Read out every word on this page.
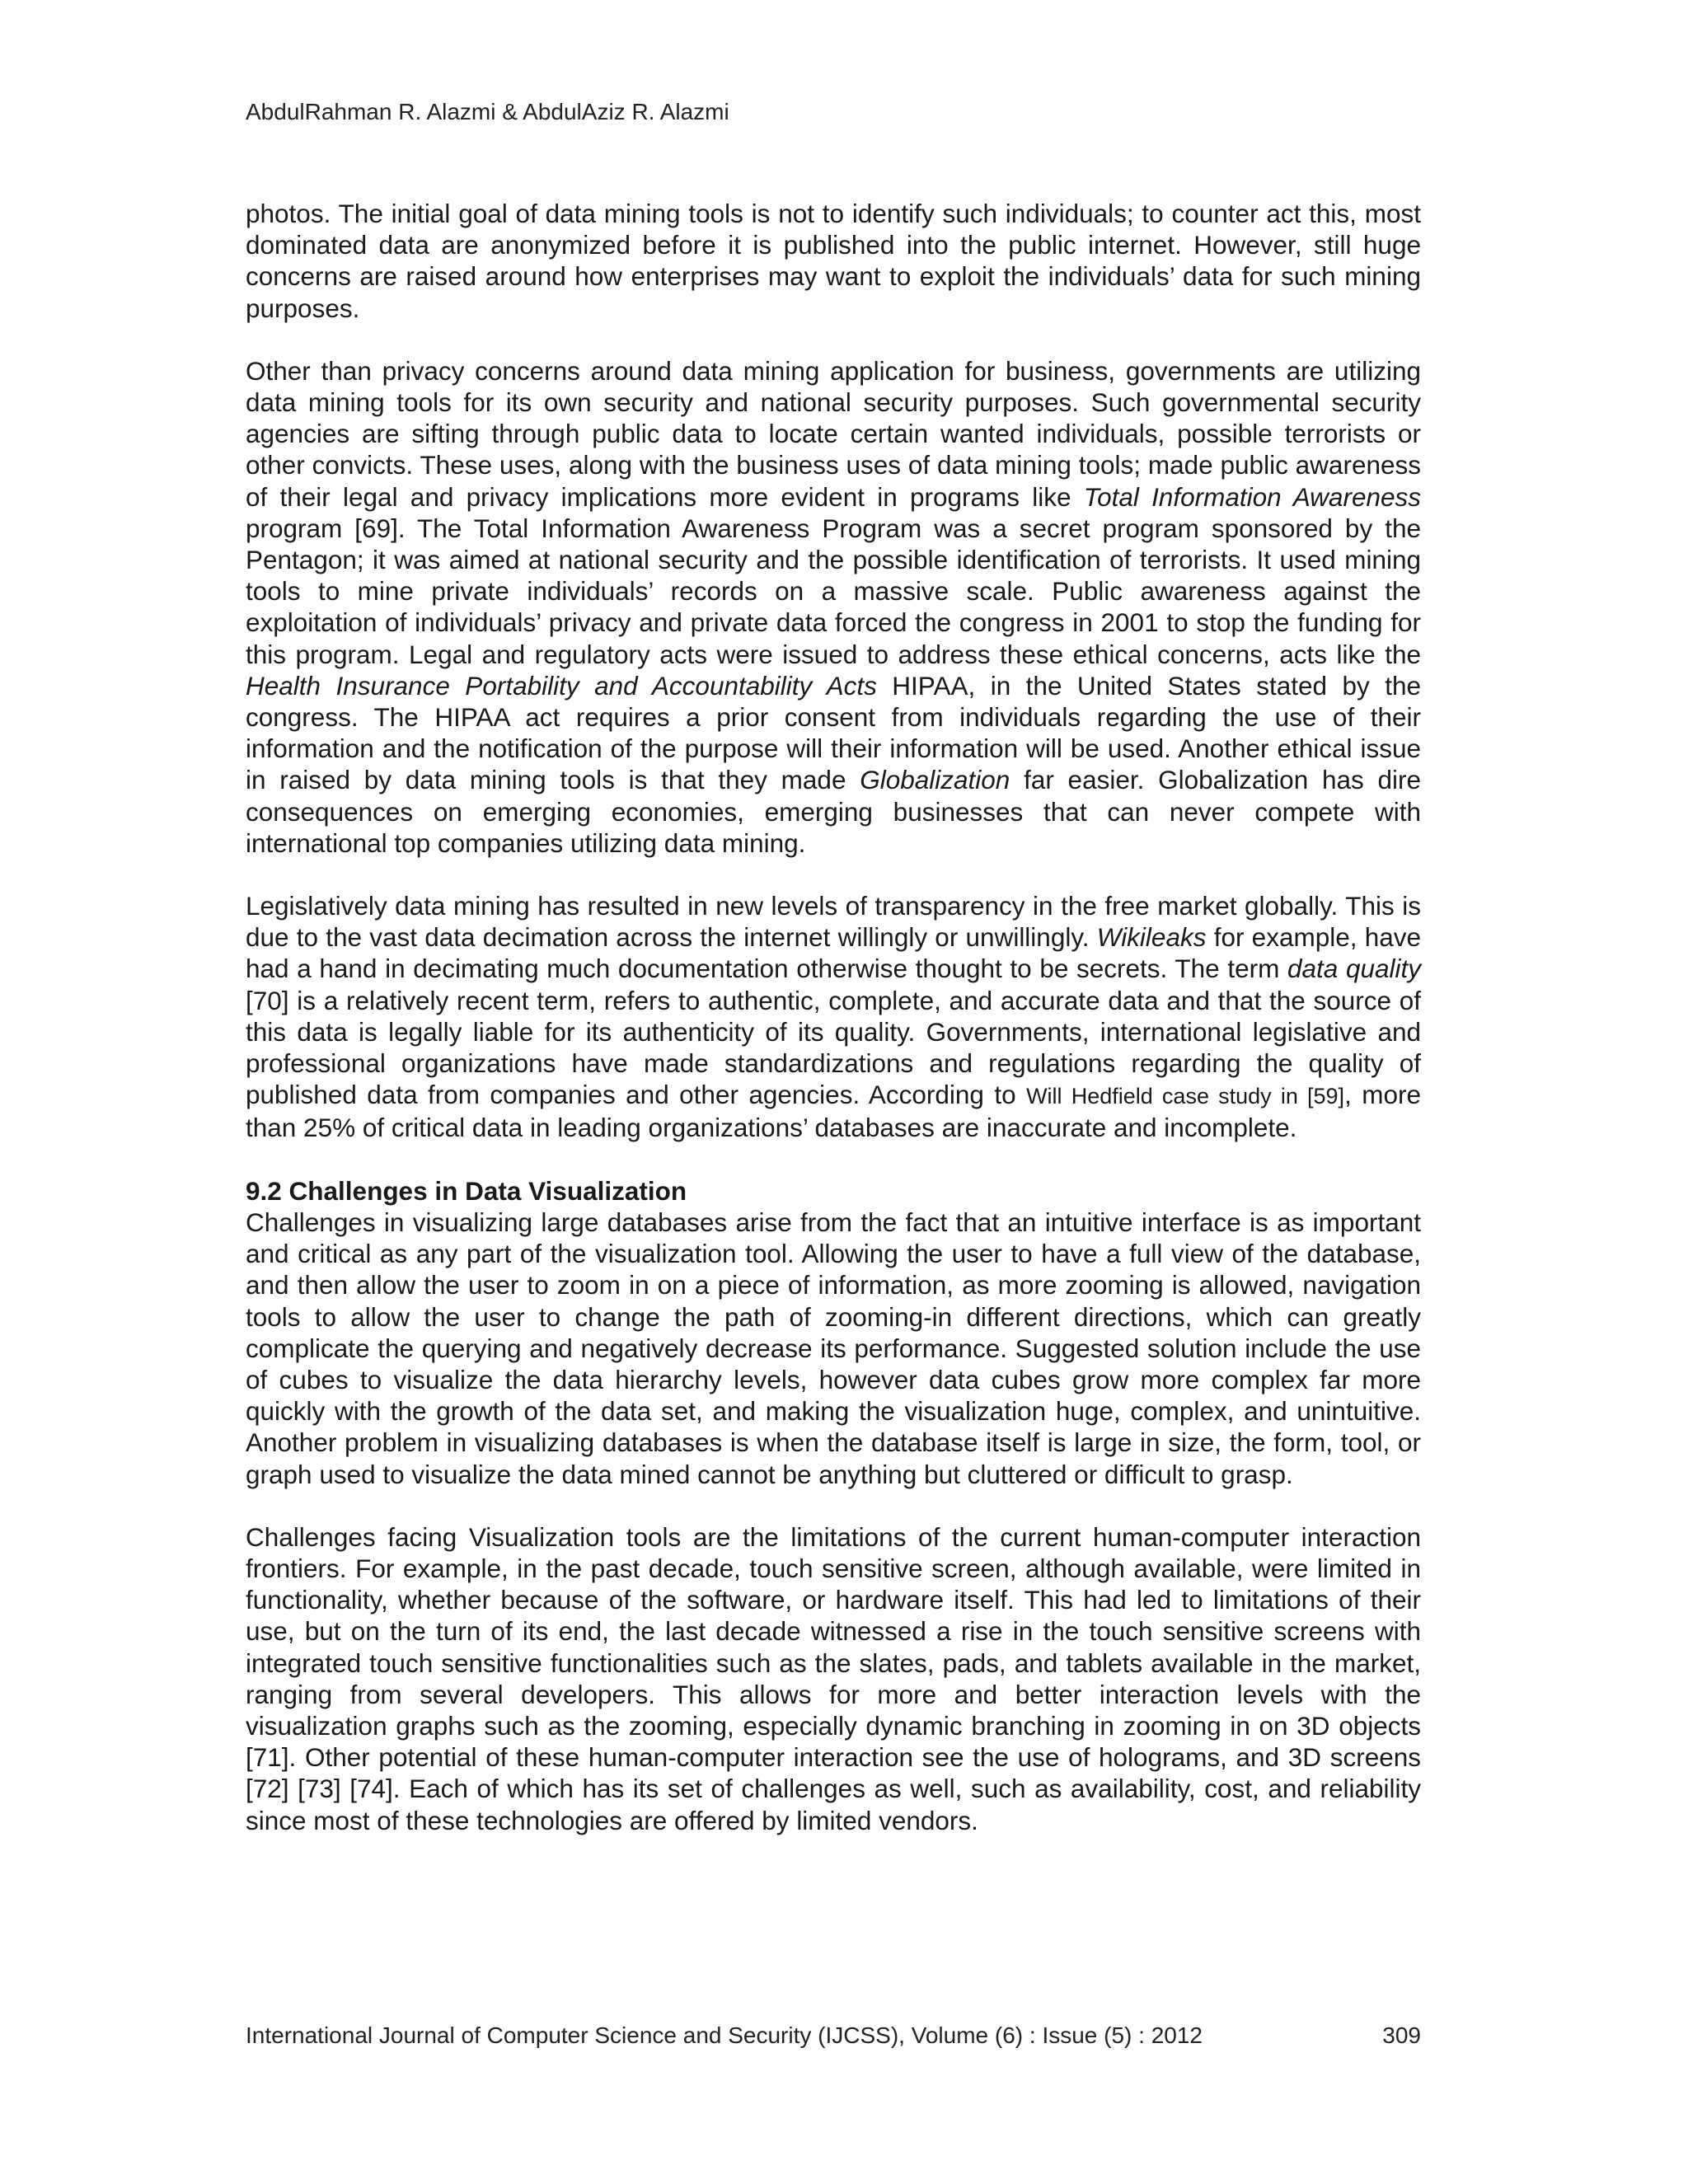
AbdulRahman R. Alazmi & AbdulAziz R. Alazmi

photos. The initial goal of data mining tools is not to identify such individuals; to counter act this, most dominated data are anonymized before it is published into the public internet. However, still huge concerns are raised around how enterprises may want to exploit the individuals’ data for such mining purposes.

Other than privacy concerns around data mining application for business, governments are utilizing data mining tools for its own security and national security purposes. Such governmental security agencies are sifting through public data to locate certain wanted individuals, possible terrorists or other convicts. These uses, along with the business uses of data mining tools; made public awareness of their legal and privacy implications more evident in programs like Total Information Awareness program [69]. The Total Information Awareness Program was a secret program sponsored by the Pentagon; it was aimed at national security and the possible identification of terrorists. It used mining tools to mine private individuals’ records on a massive scale. Public awareness against the exploitation of individuals’ privacy and private data forced the congress in 2001 to stop the funding for this program. Legal and regulatory acts were issued to address these ethical concerns, acts like the Health Insurance Portability and Accountability Acts HIPAA, in the United States stated by the congress. The HIPAA act requires a prior consent from individuals regarding the use of their information and the notification of the purpose will their information will be used. Another ethical issue in raised by data mining tools is that they made Globalization far easier. Globalization has dire consequences on emerging economies, emerging businesses that can never compete with international top companies utilizing data mining.

Legislatively data mining has resulted in new levels of transparency in the free market globally. This is due to the vast data decimation across the internet willingly or unwillingly. Wikileaks for example, have had a hand in decimating much documentation otherwise thought to be secrets. The term data quality [70] is a relatively recent term, refers to authentic, complete, and accurate data and that the source of this data is legally liable for its authenticity of its quality. Governments, international legislative and professional organizations have made standardizations and regulations regarding the quality of published data from companies and other agencies. According to Will Hedfield case study in [59], more than 25% of critical data in leading organizations’ databases are inaccurate and incomplete.

9.2 Challenges in Data Visualization

Challenges in visualizing large databases arise from the fact that an intuitive interface is as important and critical as any part of the visualization tool. Allowing the user to have a full view of the database, and then allow the user to zoom in on a piece of information, as more zooming is allowed, navigation tools to allow the user to change the path of zooming-in different directions, which can greatly complicate the querying and negatively decrease its performance. Suggested solution include the use of cubes to visualize the data hierarchy levels, however data cubes grow more complex far more quickly with the growth of the data set, and making the visualization huge, complex, and unintuitive. Another problem in visualizing databases is when the database itself is large in size, the form, tool, or graph used to visualize the data mined cannot be anything but cluttered or difficult to grasp.

Challenges facing Visualization tools are the limitations of the current human-computer interaction frontiers. For example, in the past decade, touch sensitive screen, although available, were limited in functionality, whether because of the software, or hardware itself. This had led to limitations of their use, but on the turn of its end, the last decade witnessed a rise in the touch sensitive screens with integrated touch sensitive functionalities such as the slates, pads, and tablets available in the market, ranging from several developers. This allows for more and better interaction levels with the visualization graphs such as the zooming, especially dynamic branching in zooming in on 3D objects [71]. Other potential of these human-computer interaction see the use of holograms, and 3D screens [72] [73] [74]. Each of which has its set of challenges as well, such as availability, cost, and reliability since most of these technologies are offered by limited vendors.

International Journal of Computer Science and Security (IJCSS), Volume (6) : Issue (5) : 2012	309
